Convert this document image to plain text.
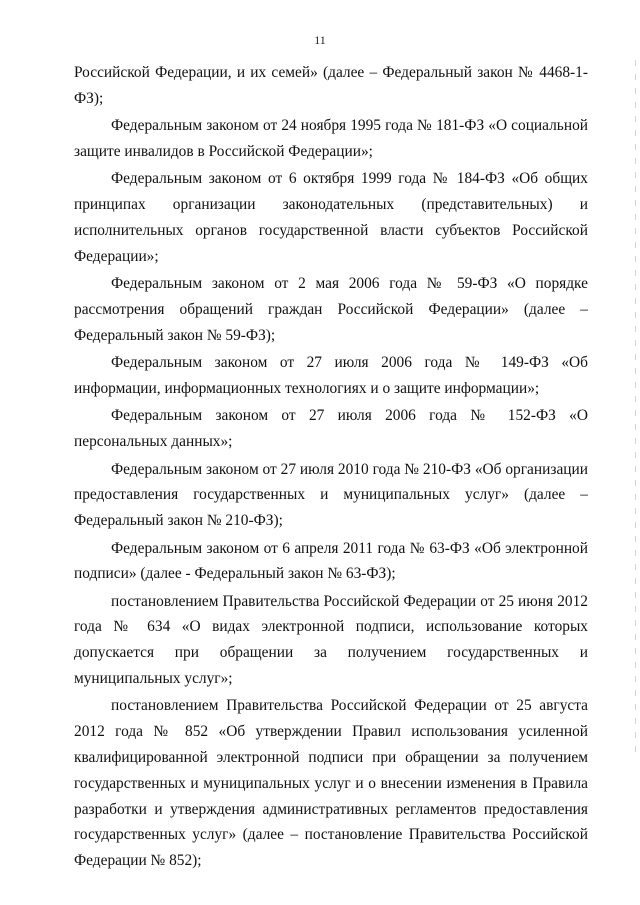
11

Российской Федерации, и их семей» (далее – Федеральный закон № 4468-1-ФЗ);

Федеральным законом от 24 ноября 1995 года № 181-ФЗ «О социальной защите инвалидов в Российской Федерации»;

Федеральным законом от 6 октября 1999 года № 184-ФЗ «Об общих принципах организации законодательных (представительных) и исполнительных органов государственной власти субъектов Российской Федерации»;

Федеральным законом от 2 мая 2006 года № 59-ФЗ «О порядке рассмотрения обращений граждан Российской Федерации» (далее – Федеральный закон № 59-ФЗ);

Федеральным законом от 27 июля 2006 года № 149-ФЗ «Об информации, информационных технологиях и о защите информации»;

Федеральным законом от 27 июля 2006 года № 152-ФЗ «О персональных данных»;

Федеральным законом от 27 июля 2010 года № 210-ФЗ «Об организации предоставления государственных и муниципальных услуг» (далее – Федеральный закон № 210-ФЗ);

Федеральным законом от 6 апреля 2011 года № 63-ФЗ «Об электронной подписи» (далее - Федеральный закон № 63-ФЗ);

постановлением Правительства Российской Федерации от 25 июня 2012 года № 634 «О видах электронной подписи, использование которых допускается при обращении за получением государственных и муниципальных услуг»;

постановлением Правительства Российской Федерации от 25 августа 2012 года № 852 «Об утверждении Правил использования усиленной квалифицированной электронной подписи при обращении за получением государственных и муниципальных услуг и о внесении изменения в Правила разработки и утверждения административных регламентов предоставления государственных услуг» (далее – постановление Правительства Российской Федерации № 852);
